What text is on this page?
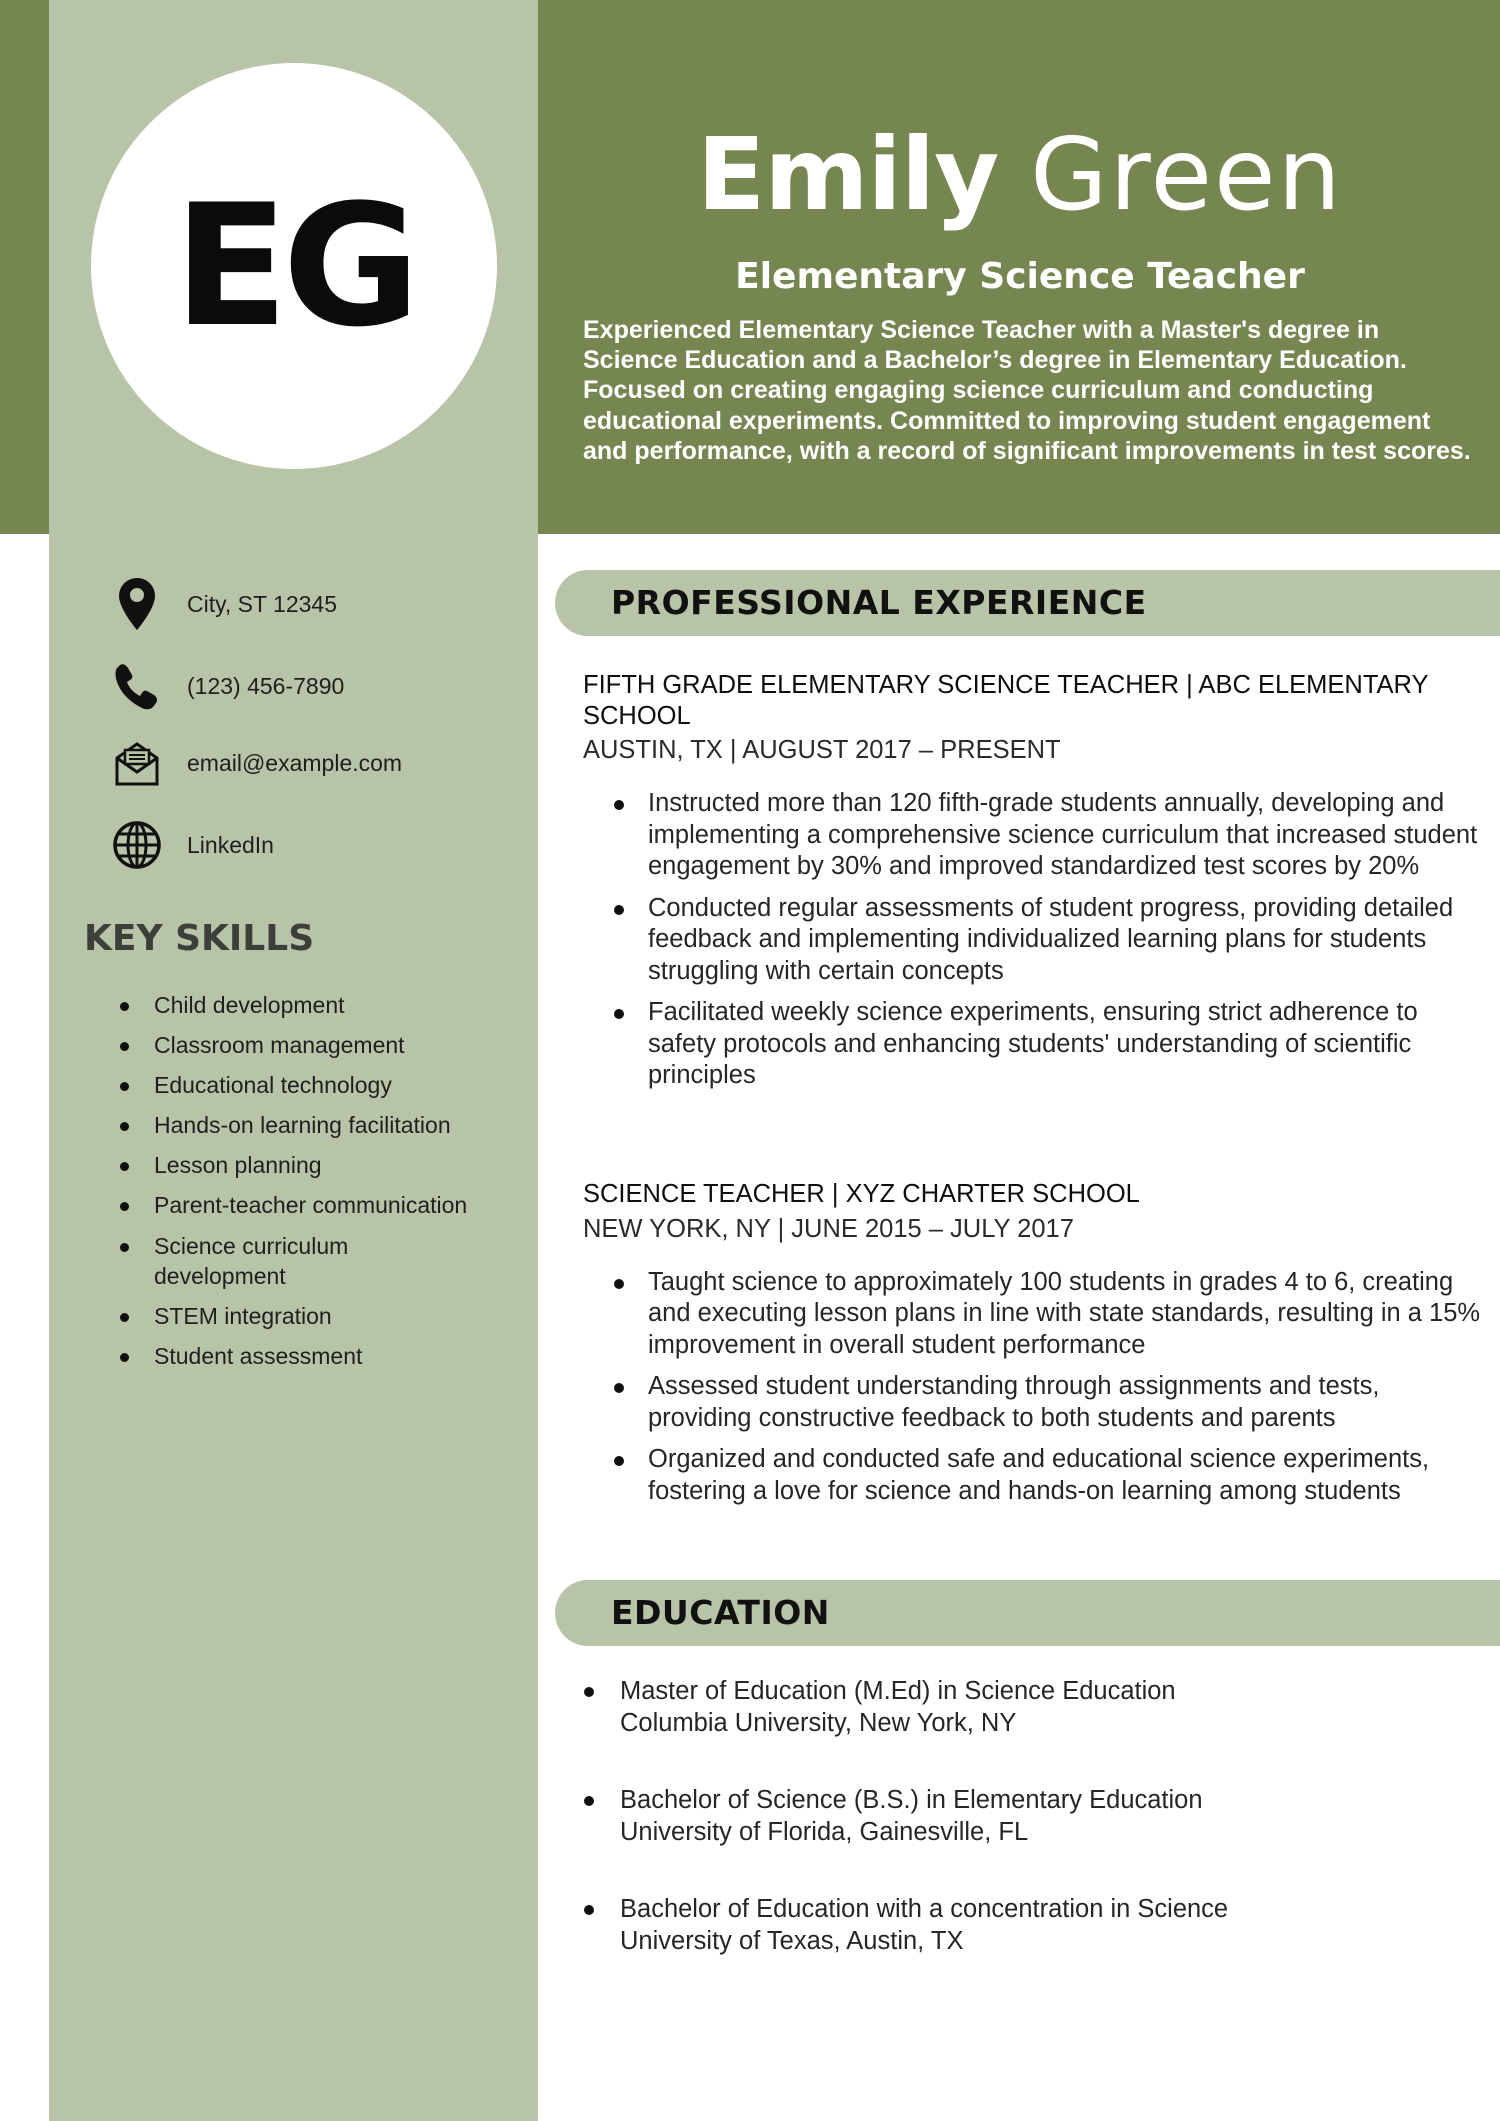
EG	Emily Green
Elementary Science Teacher
Experienced Elementary Science Teacher with a Master's degree in Science Education and a Bachelor’s degree in Elementary Education. Focused on creating engaging science curriculum and conducting educational experiments. Committed to improving student engagement and performance, with a record of significant improvements in test scores.
City, ST 12345
(123) 456-7890
email@example.com
LinkedIn
KEY SKILLS
Child development
Classroom management
Educational technology
Hands-on learning facilitation
Lesson planning
Parent-teacher communication
Science curriculum development
STEM integration
Student assessment
PROFESSIONAL EXPERIENCE
FIFTH GRADE ELEMENTARY SCIENCE TEACHER | ABC ELEMENTARY SCHOOL
AUSTIN, TX | AUGUST 2017 – PRESENT
Instructed more than 120 fifth-grade students annually, developing and implementing a comprehensive science curriculum that increased student engagement by 30% and improved standardized test scores by 20%
Conducted regular assessments of student progress, providing detailed feedback and implementing individualized learning plans for students struggling with certain concepts
Facilitated weekly science experiments, ensuring strict adherence to safety protocols and enhancing students' understanding of scientific principles
SCIENCE TEACHER | XYZ CHARTER SCHOOL
NEW YORK, NY | JUNE 2015 – JULY 2017
Taught science to approximately 100 students in grades 4 to 6, creating and executing lesson plans in line with state standards, resulting in a 15% improvement in overall student performance
Assessed student understanding through assignments and tests, providing constructive feedback to both students and parents
Organized and conducted safe and educational science experiments, fostering a love for science and hands-on learning among students
EDUCATION
Master of Education (M.Ed) in Science Education
Columbia University, New York, NY
Bachelor of Science (B.S.) in Elementary Education
University of Florida, Gainesville, FL
Bachelor of Education with a concentration in Science
University of Texas, Austin, TX
